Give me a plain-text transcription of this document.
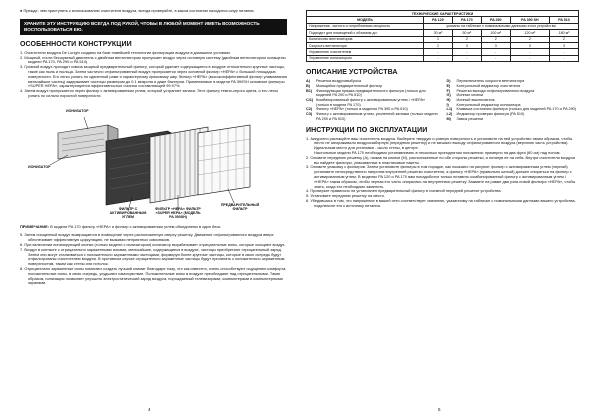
● Прежде, чем приступить к использованию очистителя воздуха, всегда проверяйте, в каком состоянии находится шнур питания.

ХРАНИТЕ ЭТУ ИНСТРУКЦИЮ ВСЕГДА ПОД РУКОЙ, ЧТОБЫ В ЛЮБОЙ МОМЕНТ ИМЕТЬ ВОЗМОЖНОСТЬ ВОСПОЛЬЗОВАТЬСЯ ЕЮ.
ОСОБЕННОСТИ КОНСТРУКЦИИ

1. Очистители воздуха De Longhi созданы на базе новейшей технологии фильтрации воздуха в домашних условиях.

2. Мощный, почти бесшумный двигатель с двойным вентилятором пропускает воздух через основную систему (двойным вентилятором оснащены модели PA 170, PA 290 и PA 510).

3. Грязный воздух проходит сквозь мощный предварительный фильтр, который удаляет содержащиеся в воздухе относительно крупные частицы, такие как пыль и пыльца. Затем частично отфильтрованный воздух пропускается через основной фильтр «HEPA» с большой площадью поверхности. Его легко узнать по сдвоенной раме и характерному крюковому шву. Фильтр «HEPA» (высокоэффективный фильтр улавливания мельчайших частиц) задерживает частицы размером до 0.1 микрона и даже бактерии. Применяемые в модели PA 390SH основные фильтры «SUPER HEPA», характеризуются эффективностью очистки составляющей 99.97%.

4. Затем воздух пропускается через фильтр с активированным углем, который устраняет запахи. Этот фильтр темно-серого цвета, и его легко узнать по сильно пористой поверхности.

ИОНИЗАТОР
ИОНИЗАТОР
ФИЛЬТР С АКТИВИРОВАННЫМ УГЛЕМ
ФИЛЬТР «HEPA» ФИЛЬТР «SUPER HEPA» (МОДЕЛЬ PA 390SH)
ПРЕДВАРИТЕЛЬНЫЙ ФИЛЬТР

ПРИМЕЧАНИЕ: В модели PA 170 фильтр «HEPA» и фильтр с активированным углем объединены в один блок.

5. Затем очищенный воздух возвращается в помещение через расположенную сверху решетку. Движение отфильтрованного воздуха вверх обеспечивает эффективную циркуляцию, не вызывая неприятных сквозняков.

6. При включении ионизирующей кнопки (только модели с ионизатором) ионизатор вырабатывает отрицательные ионы, которые очищают воздух.

7. Воздух в контакте с отрицательно заряженными ионами, мельчайшие, содержащиеся в воздухе, частицы приобретают отрицательный заряд. Затем они могут сталкиваться с положительно заряженными частицами, формируя более крупные частицы, которые в свою очередь будут отфильтрованы очистителем воздуха. В противном случае отрицательно заряженные частицы будут прилипать к положительно заряженным поверхностям, таким как стены или потолок.

8. Отрицательно заряженные ионы помогают создать лучший климат благодаря тому, что как известно, очень способствуют ощущению комфорта, положительные ионы, в свою очередь, ухудшают самочувствие. Положительные ионы в воздухе преобладают над отрицательными. Такие образом, ионизация позволяет улучшить электростатический заряд воздуха, порождаемый телевизорами, компьютерами и компьютерными экранами.

4
ТЕХНИЧЕСКИЕ ХАРАКТЕРИСТИКИ					
МОДЕЛЬ	PA 120	PA 170	PA 290	PA 390 SH	PA 510
Напряжение, частота и потребляемая мощность	указаны на табличке с номинальными данными этого устройства				
Подходит для помещений с объемом до:	30 м³	50 м³	100 м³	120 м³	180 м³
Количество вентиляторов	1	2	2	2	2
Скорость вентилятора	2	3	3	3	3
Управление очистителем	-	-	-	-	-
Управление ионизатором	-	-	-	-	-
ОПИСАНИЕ УСТРОЙСТВА
A)	Решетка воздуховыброса
B)	Моющийся предварительный фильтр
B1)	Фиксирующая пряжка предварительного фильтра (только для моделей PA 290 и PA 510)
C/1) Комбинированный фильтр с активированным углем / «HEPA» (только в модели PA 170)
C2)	Фильтр «HEPA» (только в моделях PA 390 и PA 510)
C3)	Фильтр с активированным углем, усиленной затяжки (только модели PA 290 и PA 510)
D)	Переключатель скорости вентилятора
E)	Контрольный индикатор очистителя
F)	Решетка выхода отфильтрованного воздуха
G)	Ионные кнопки
H)	Ионный выключатель
I)	Контрольный индикатор ионизатора
L1)	Клавиша состояния фильтра (только для моделей PA 170 и PA 290)
L2)	Индикатор проверки фильтра (PA 510)
M)	Замок решетки
ИНСТРУКЦИИ ПО ЭКСПЛУАТАЦИИ

1. Аккуратно распакуйте ваш очиститель воздуха. Выберите твердую и ровную поверхность и установите на ней устройство таким образом, чтобы ничто не загораживало воздухозаборную (переднюю решетку) и не мешало выходу отфильтрованного воздуха (верхнюю часть устройства). Идеальным место для установки - около стены, в центре.

Настольные модели PA 170 необходимо устанавливать в несколько приподнятом положении: примерно на два фута (60 см) над полом.

2. Снимите переднюю решетку (А), нажав на кнопки (M), расположенные по обе стороны решетки, и потянув ее на себя. Внутри очистителя воздуха вы найдете фильтры, упакованные в пластиковые пакеты.

3. Снимите упаковку с фильтров. Затем установите фильтры в том порядке, как показано на рисунке: фильтр с активированным углем (черный) установите непосредственно напротив внутренней решетки очистителя, а фильтр «HEPA» (правильно шитый) должен опираться на фильтр с активированным углем. В моделях PA 120 и PA 170 вам понадобится только вставить комбинированный фильтр с активированным углем / «HEPA» таким образом, чтобы черная его часть опиралась на внутреннюю решетку. Зажмите на рамке два узла новой фильтра «HEPA», чтобы знать, когда его необходимо заменить.

4. Проверьте правильно ли установлен предварительный фильтр в съемной передней решетке устройства.

5. Установите переднюю решетку на место.

6. Убедившись в том, что напряжение в вашей сети соответствует значению, указанному на табличке с номинальными данными вашего устройства, подключите его к источнику питания.

5
